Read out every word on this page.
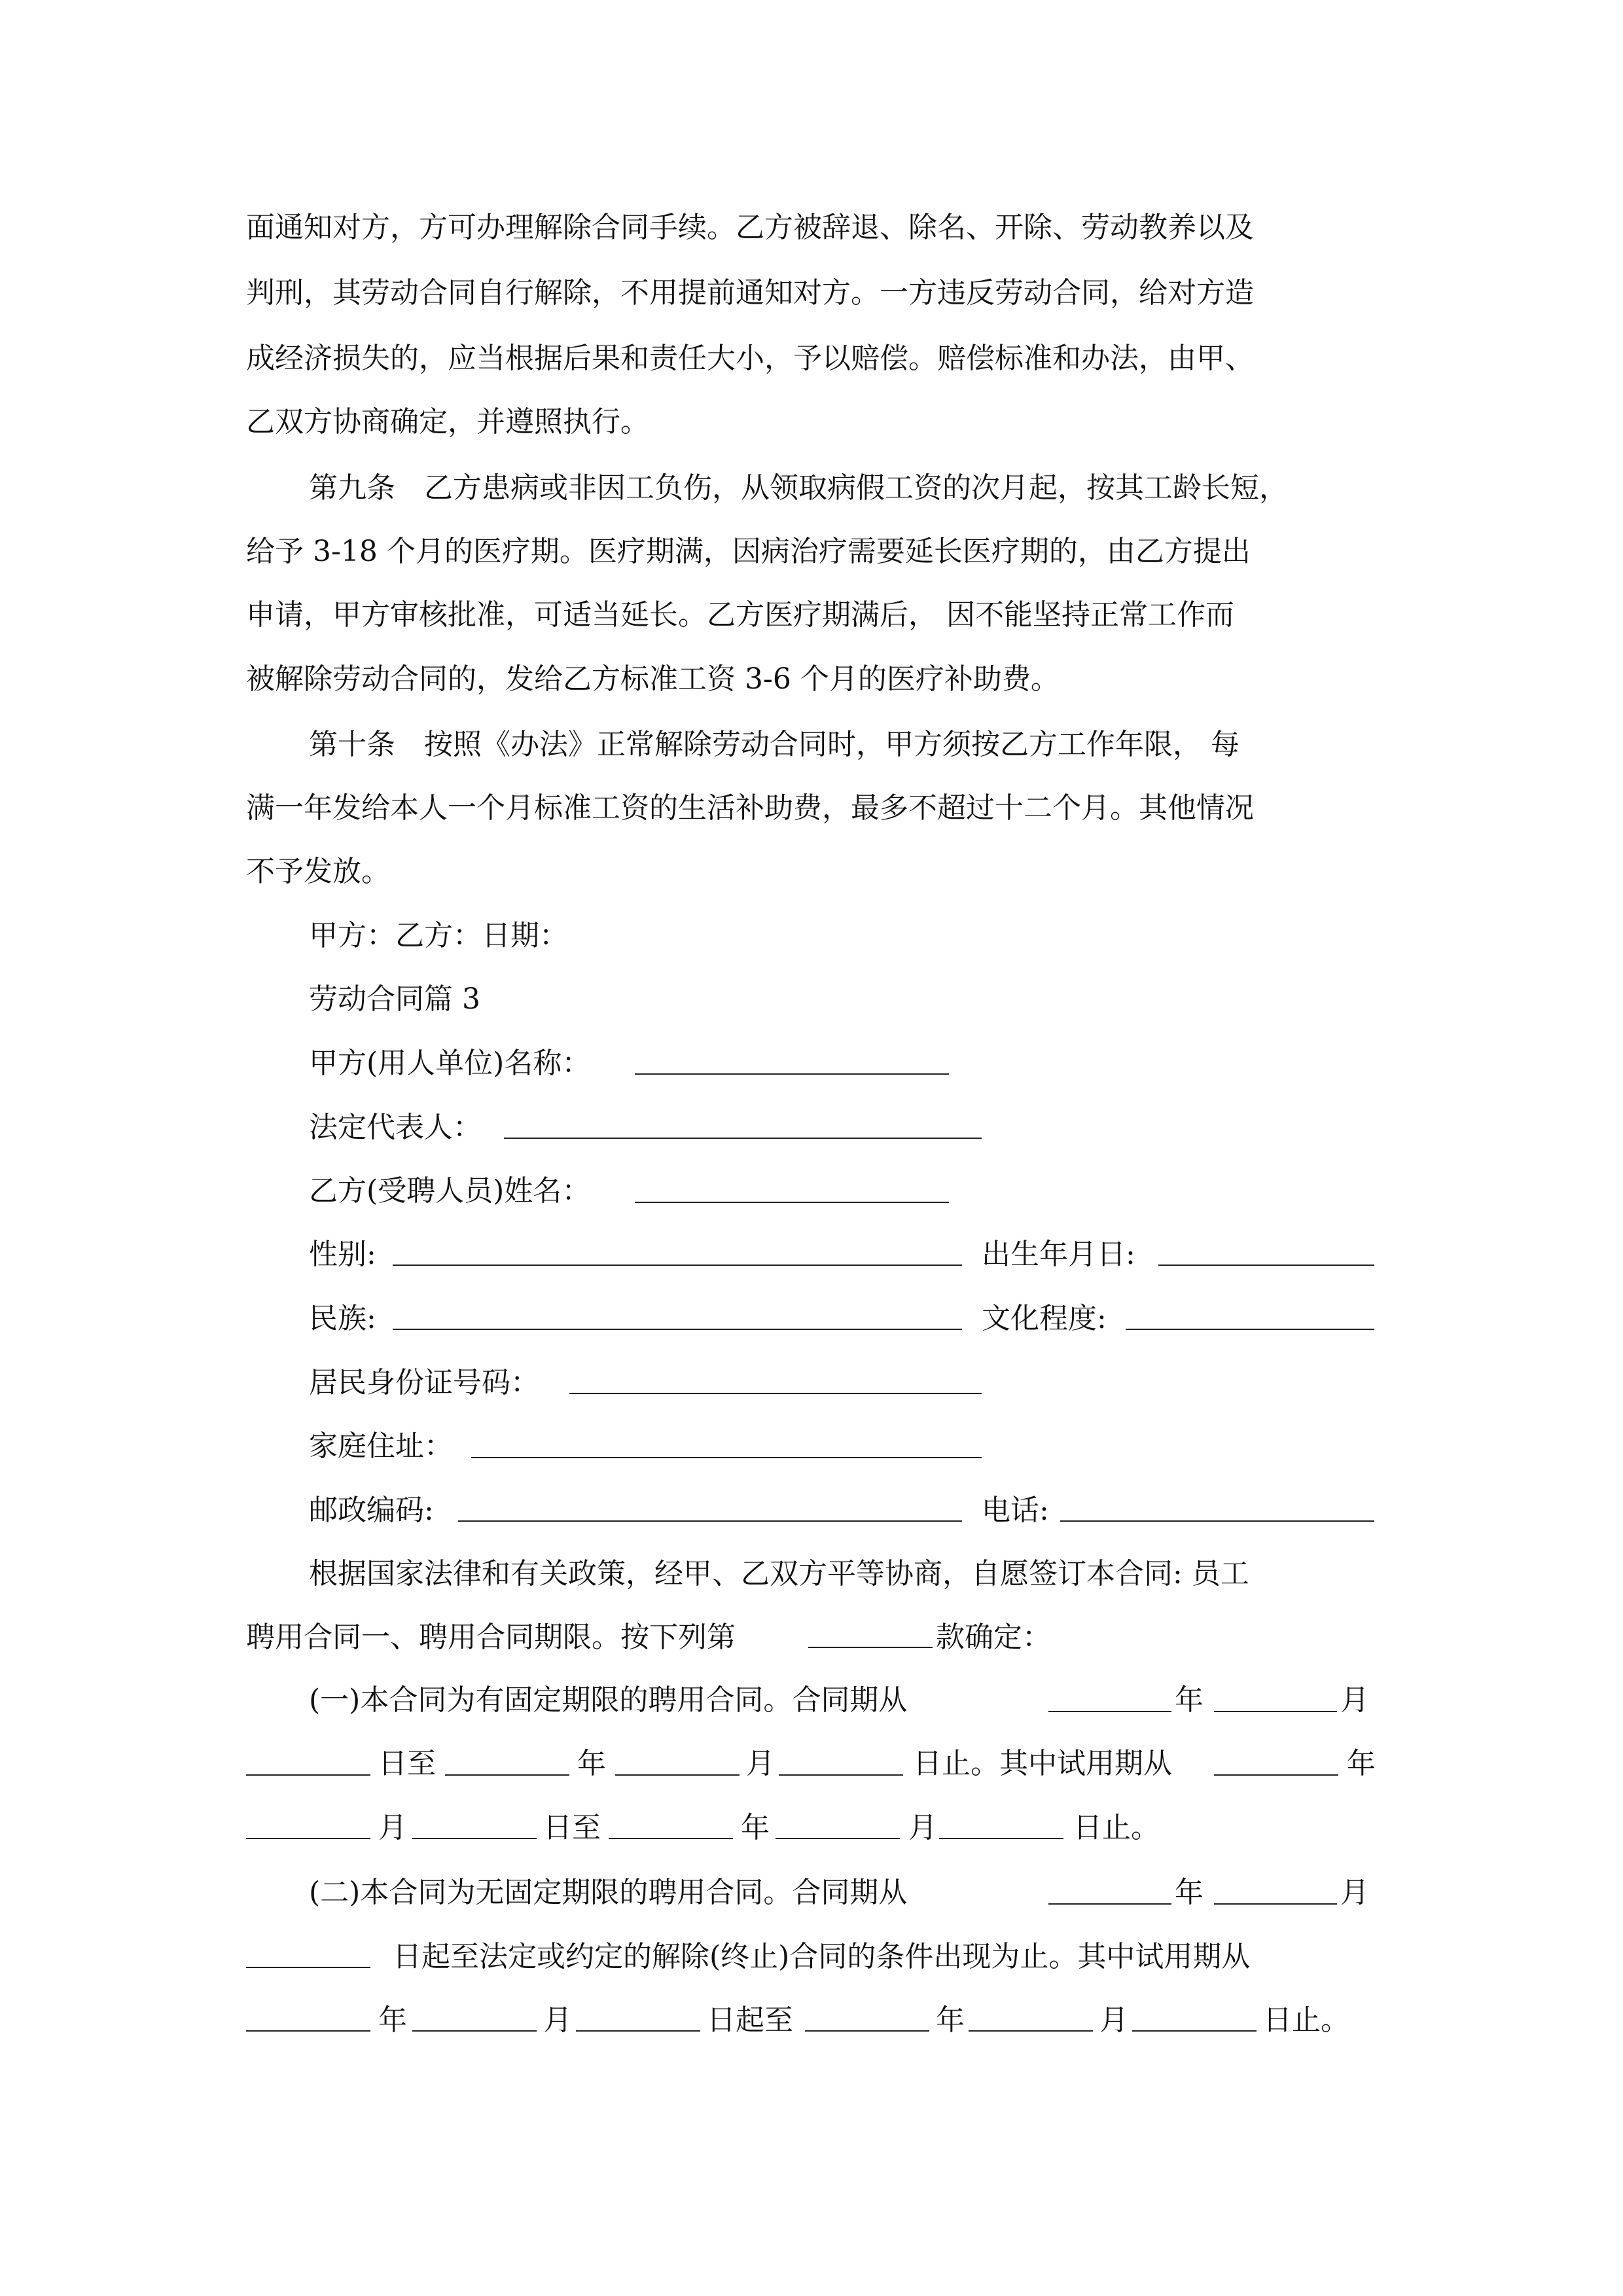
面通知对方，方可办理解除合同手续。乙方被辞退、除名、开除、劳动教养以及
判刑，其劳动合同自行解除，不用提前通知对方。一方违反劳动合同，给对方造
成经济损失的，应当根据后果和责任大小，予以赔偿。赔偿标准和办法，由甲、
乙双方协商确定，并遵照执行。
第九条　乙方患病或非因工负伤，从领取病假工资的次月起，按其工龄长短，
给予 3-18 个月的医疗期。医疗期满，因病治疗需要延长医疗期的，由乙方提出
申请，甲方审核批准，可适当延长。乙方医疗期满后， 因不能坚持正常工作而
被解除劳动合同的，发给乙方标准工资 3-6 个月的医疗补助费。
第十条　按照《办法》正常解除劳动合同时，甲方须按乙方工作年限， 每
满一年发给本人一个月标准工资的生活补助费，最多不超过十二个月。其他情况
不予发放。
甲方：乙方：日期：
劳动合同篇 3
甲方(用人单位)名称：
法定代表人：
乙方(受聘人员)姓名：
性别:	出生年月日:
民族:	文化程度:
居民身份证号码：
家庭住址：
邮政编码:	电话:
根据国家法律和有关政策，经甲、乙双方平等协商，自愿签订本合同: 员工
聘用合同一、聘用合同期限。按下列第	款确定：
(一)本合同为有固定期限的聘用合同。合同期从	年	月
日至	年	月	日止。其中试用期从	年
月	日至	年	月	日止。
(二)本合同为无固定期限的聘用合同。合同期从	年	月
日起至法定或约定的解除(终止)合同的条件出现为止。其中试用期从
年	月	日起至	年	月	日止。
